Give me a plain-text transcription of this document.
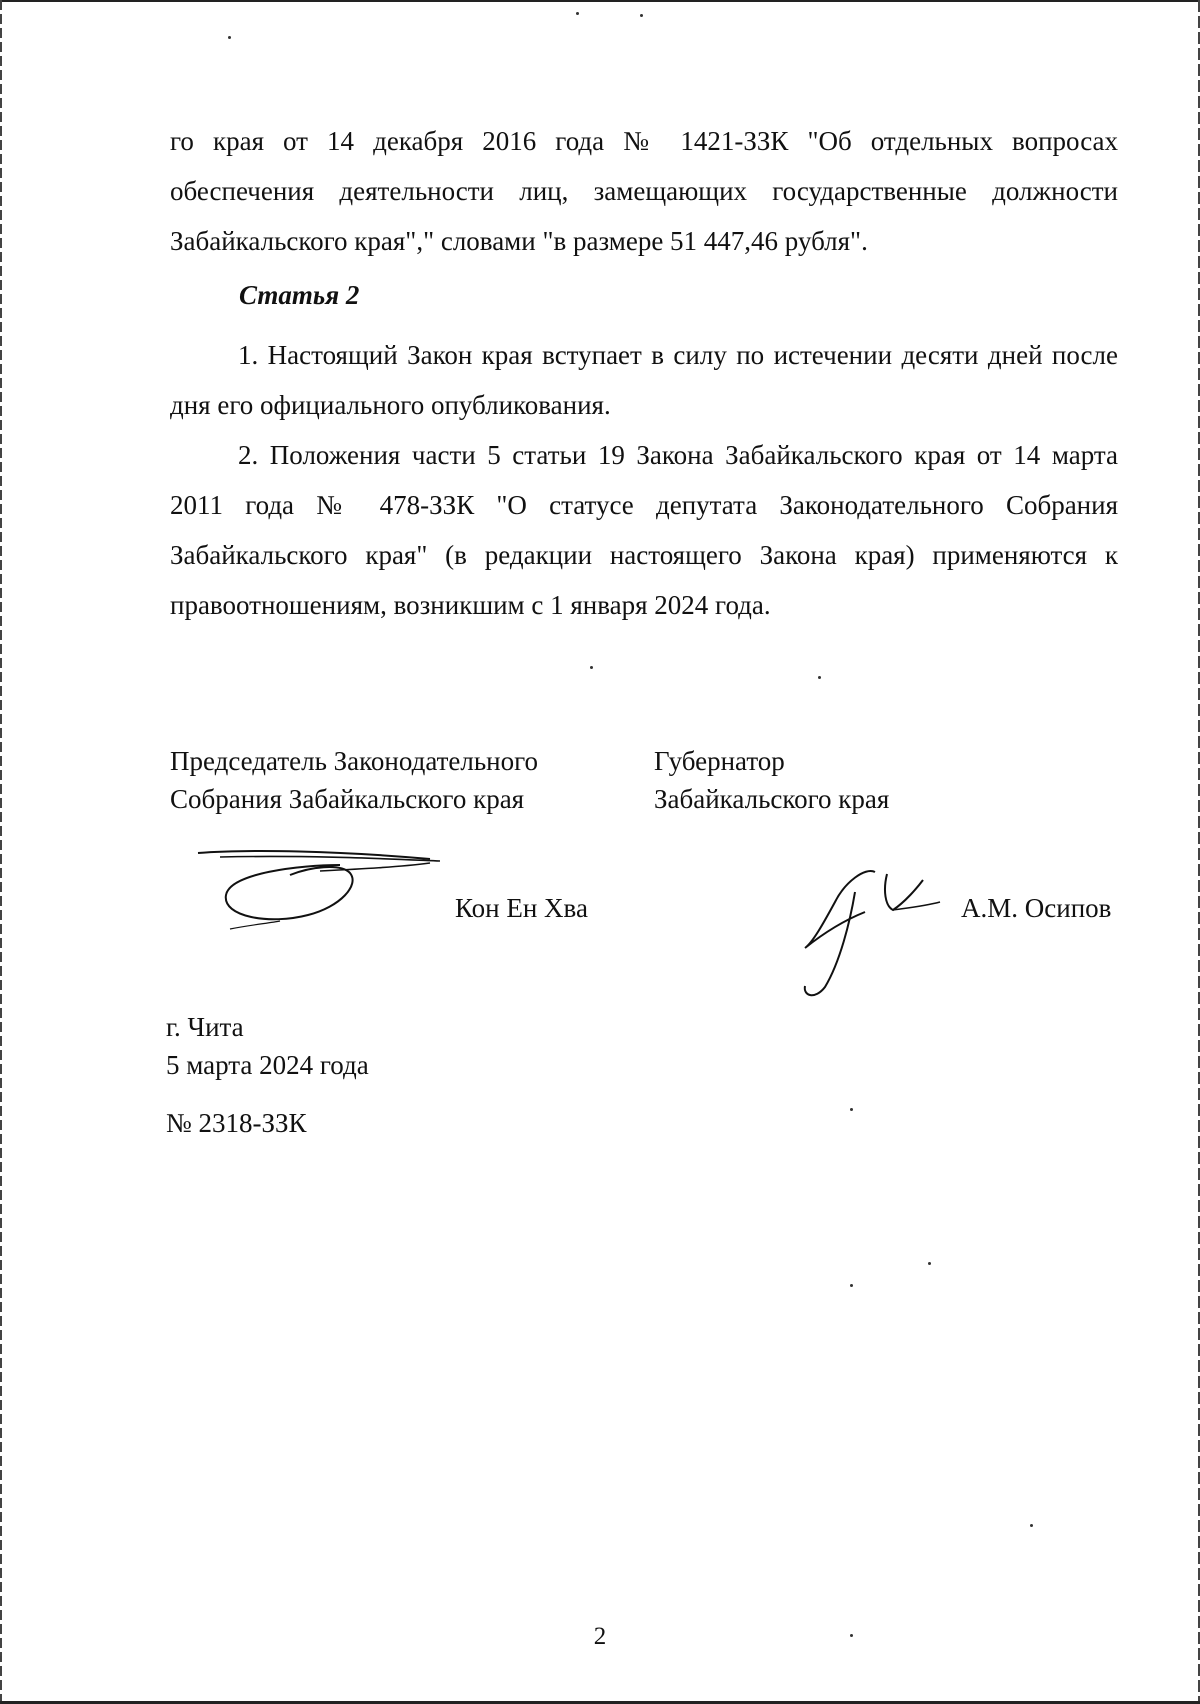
го края от 14 декабря 2016 года № 1421-ЗЗК "Об отдельных вопросах обеспечения деятельности лиц, замещающих государственные должности Забайкальского края"," словами "в размере 51 447,46 рубля".

Статья 2

1. Настоящий Закон края вступает в силу по истечении десяти дней после дня его официального опубликования.

2. Положения части 5 статьи 19 Закона Забайкальского края от 14 марта 2011 года № 478-ЗЗК "О статусе депутата Законодательного Собрания Забайкальского края" (в редакции настоящего Закона края) применяются к правоотношениям, возникшим с 1 января 2024 года.

Председатель Законодательного
Собрания Забайкальского края
Губернатор
Забайкальского края
Кон Ен Хва	А.М. Осипов
г. Чита
5 марта 2024 года
№ 2318-ЗЗК
2
